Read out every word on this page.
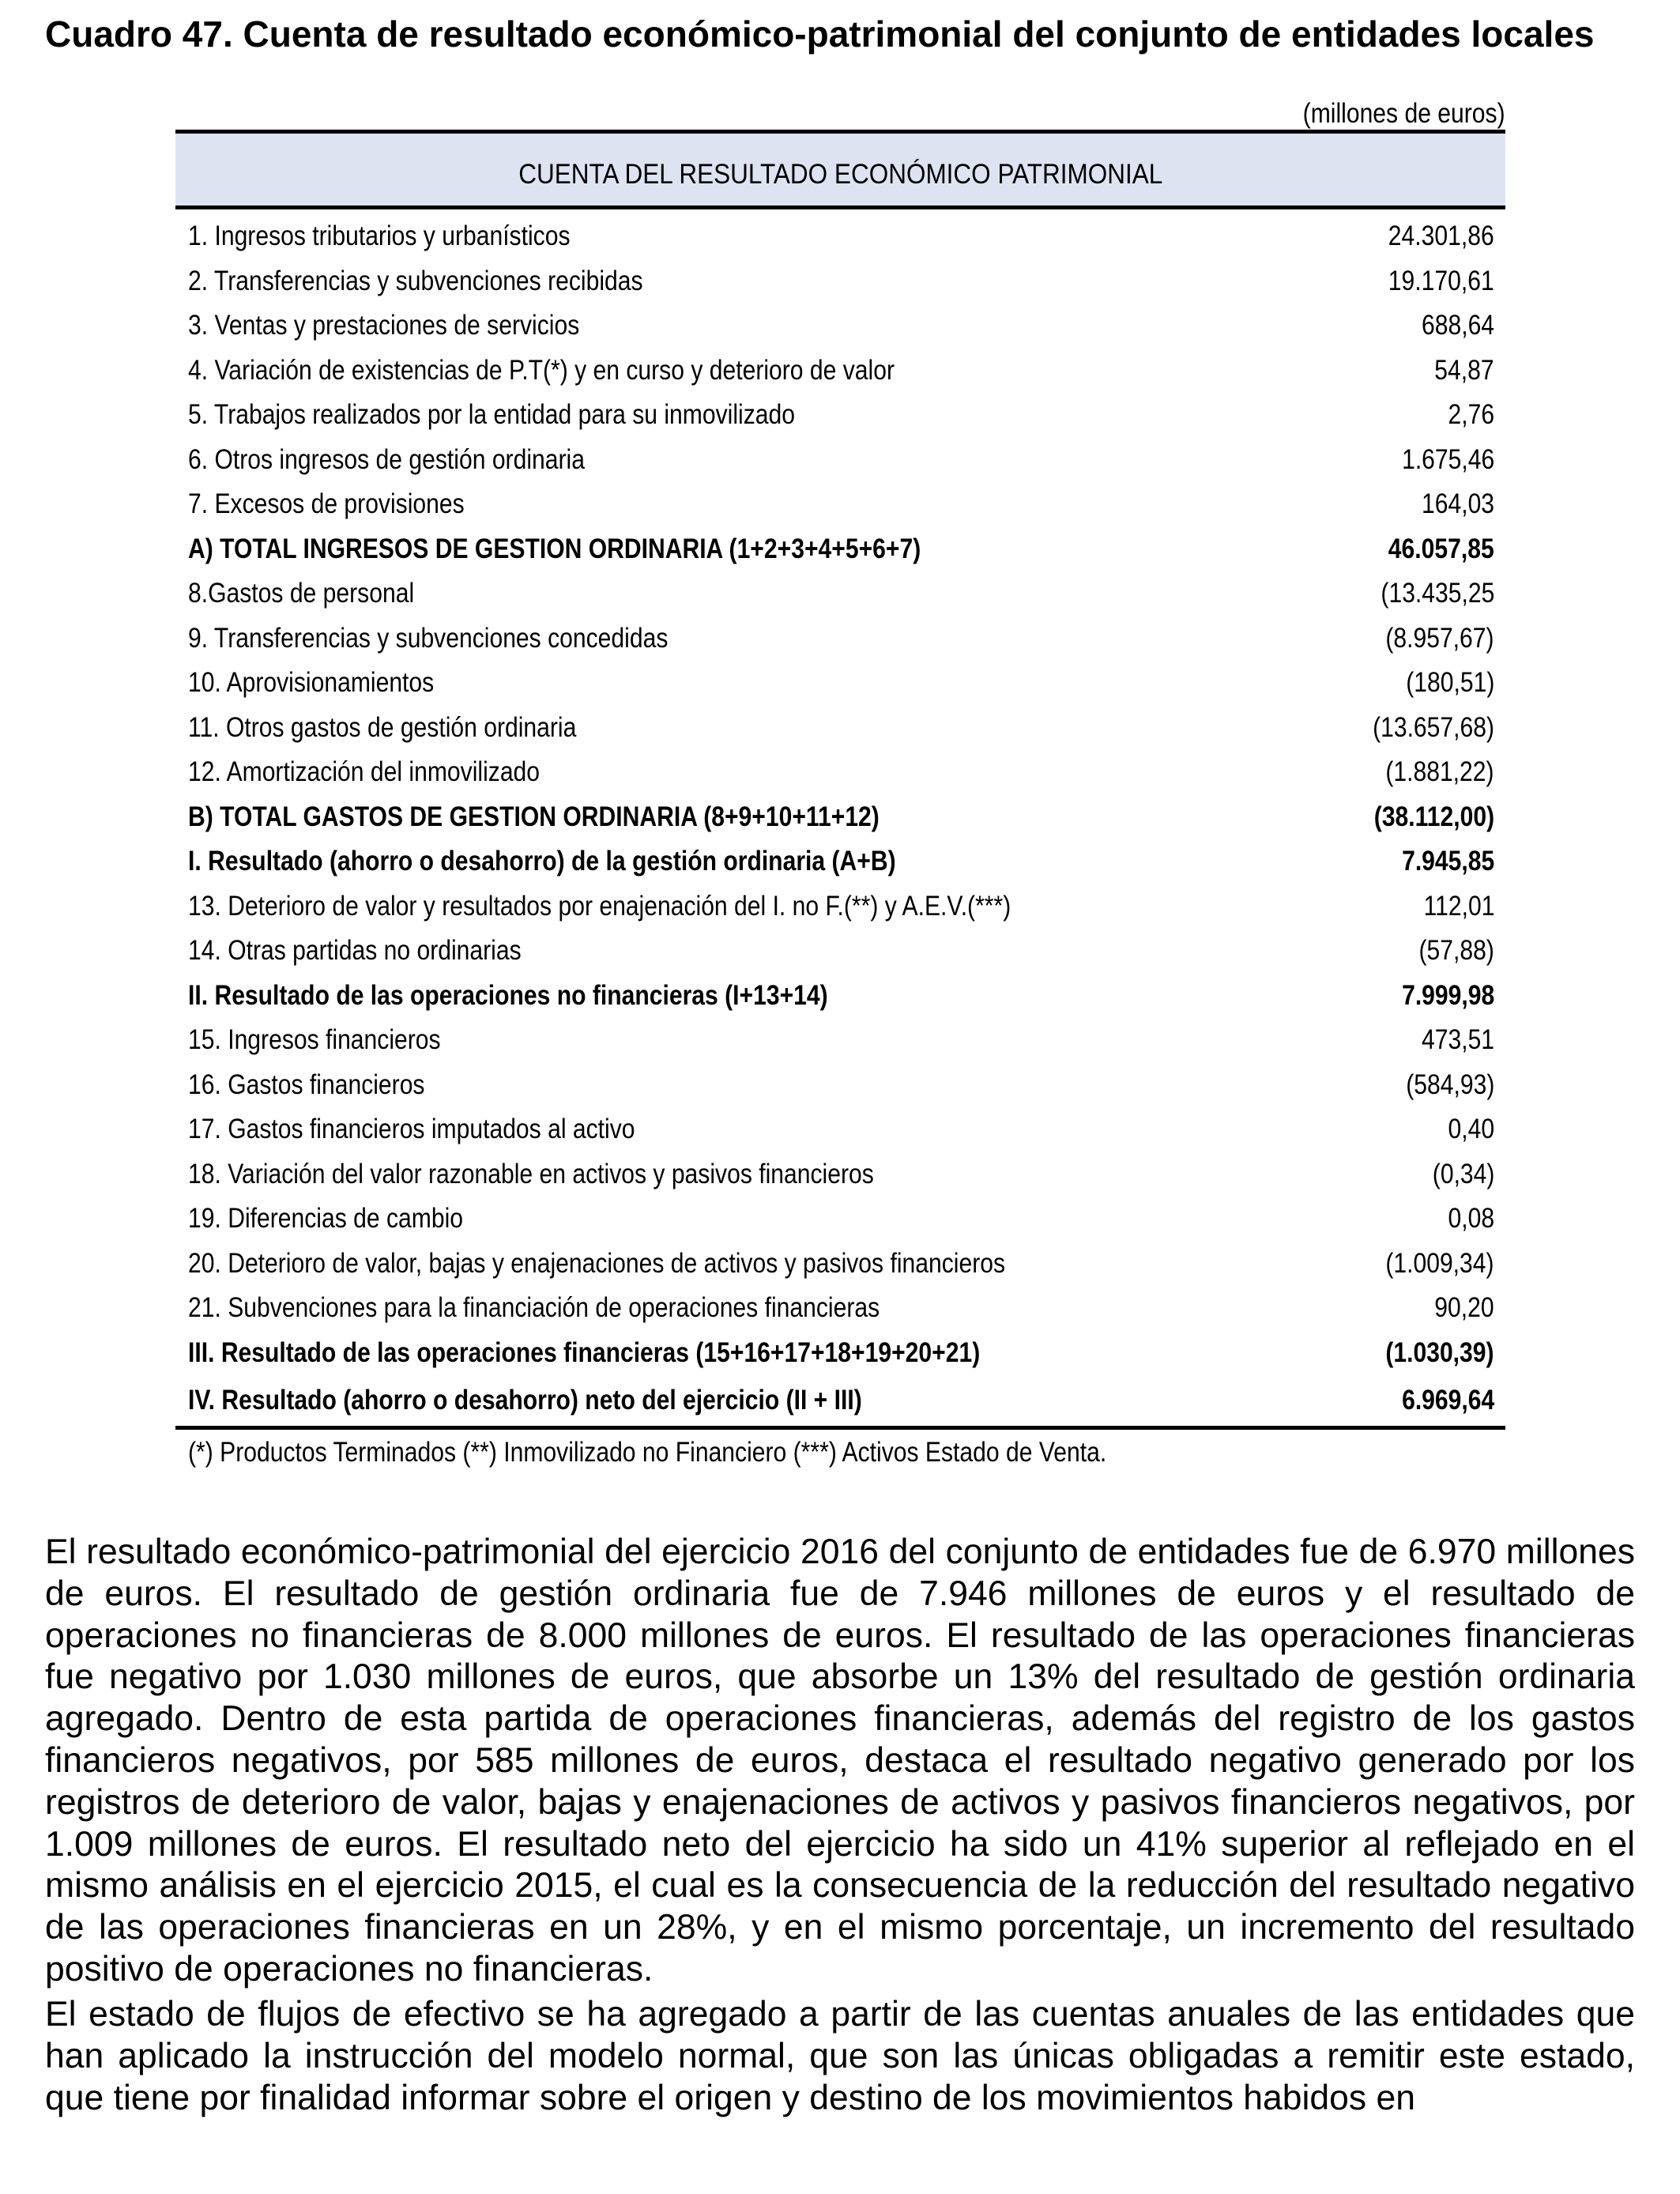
Cuadro 47. Cuenta de resultado económico-patrimonial del conjunto de entidades locales
(millones de euros)
CUENTA DEL RESULTADO ECONÓMICO PATRIMONIAL
1. Ingresos tributarios y urbanísticos	24.301,86
2. Transferencias y subvenciones recibidas	19.170,61
3. Ventas y prestaciones de servicios	688,64
4. Variación de existencias de P.T(*) y en curso y deterioro de valor	54,87
5. Trabajos realizados por la entidad para su inmovilizado	2,76
6. Otros ingresos de gestión ordinaria	1.675,46
7. Excesos de provisiones	164,03
A) TOTAL INGRESOS DE GESTION ORDINARIA (1+2+3+4+5+6+7)	46.057,85
8.Gastos de personal	(13.435,25
9. Transferencias y subvenciones concedidas	(8.957,67)
10. Aprovisionamientos	(180,51)
11. Otros gastos de gestión ordinaria	(13.657,68)
12. Amortización del inmovilizado	(1.881,22)
B) TOTAL GASTOS DE GESTION ORDINARIA (8+9+10+11+12)	(38.112,00)
I. Resultado (ahorro o desahorro) de la gestión ordinaria (A+B)	7.945,85
13. Deterioro de valor y resultados por enajenación del I. no F.(**) y A.E.V.(***)	112,01
14. Otras partidas no ordinarias	(57,88)
II. Resultado de las operaciones no financieras (I+13+14)	7.999,98
15. Ingresos financieros	473,51
16. Gastos financieros	(584,93)
17. Gastos financieros imputados al activo	0,40
18. Variación del valor razonable en activos y pasivos financieros	(0,34)
19. Diferencias de cambio	0,08
20. Deterioro de valor, bajas y enajenaciones de activos y pasivos financieros	(1.009,34)
21. Subvenciones para la financiación de operaciones financieras	90,20
III. Resultado de las operaciones financieras (15+16+17+18+19+20+21)	(1.030,39)
IV. Resultado (ahorro o desahorro) neto del ejercicio (II + III)	6.969,64
(*) Productos Terminados (**) Inmovilizado no Financiero (***) Activos Estado de Venta.

El resultado económico-patrimonial del ejercicio 2016 del conjunto de entidades fue de 6.970 millones de euros. El resultado de gestión ordinaria fue de 7.946 millones de euros y el resultado de operaciones no financieras de 8.000 millones de euros. El resultado de las operaciones financieras fue negativo por 1.030 millones de euros, que absorbe un 13% del resultado de gestión ordinaria agregado. Dentro de esta partida de operaciones financieras, además del registro de los gastos financieros negativos, por 585 millones de euros, destaca el resultado negativo generado por los registros de deterioro de valor, bajas y enajenaciones de activos y pasivos financieros negativos, por 1.009 millones de euros. El resultado neto del ejercicio ha sido un 41% superior al reflejado en el mismo análisis en el ejercicio 2015, el cual es la consecuencia de la reducción del resultado negativo de las operaciones financieras en un 28%, y en el mismo porcentaje, un incremento del resultado positivo de operaciones no financieras.

El estado de flujos de efectivo se ha agregado a partir de las cuentas anuales de las entidades que han aplicado la instrucción del modelo normal, que son las únicas obligadas a remitir este estado, que tiene por finalidad informar sobre el origen y destino de los movimientos habidos en
